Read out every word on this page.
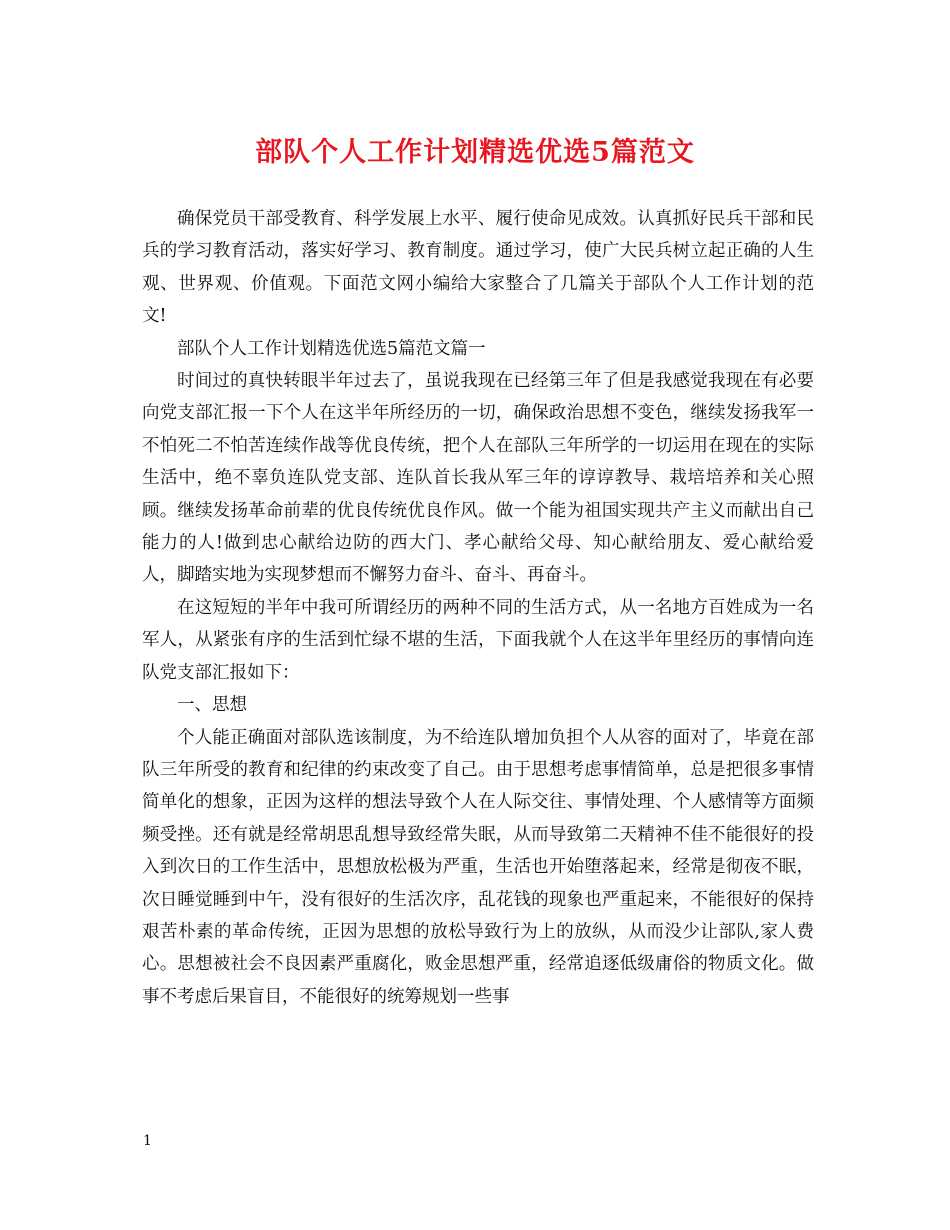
部队个人工作计划精选优选5篇范文

确保党员干部受教育、科学发展上水平、履行使命见成效。认真抓好民兵干部和民兵的学习教育活动，落实好学习、教育制度。通过学习，使广大民兵树立起正确的人生观、世界观、价值观。下面范文网小编给大家整合了几篇关于部队个人工作计划的范文!

部队个人工作计划精选优选5篇范文篇一

时间过的真快转眼半年过去了，虽说我现在已经第三年了但是我感觉我现在有必要向党支部汇报一下个人在这半年所经历的一切，确保政治思想不变色，继续发扬我军一不怕死二不怕苦连续作战等优良传统，把个人在部队三年所学的一切运用在现在的实际生活中，绝不辜负连队党支部、连队首长我从军三年的谆谆教导、栽培培养和关心照顾。继续发扬革命前辈的优良传统优良作风。做一个能为祖国实现共产主义而献出自己能力的人!做到忠心献给边防的西大门、孝心献给父母、知心献给朋友、爱心献给爱人，脚踏实地为实现梦想而不懈努力奋斗、奋斗、再奋斗。

在这短短的半年中我可所谓经历的两种不同的生活方式，从一名地方百姓成为一名军人，从紧张有序的生活到忙绿不堪的生活，下面我就个人在这半年里经历的事情向连队党支部汇报如下：

一、思想

个人能正确面对部队选该制度，为不给连队增加负担个人从容的面对了，毕竟在部队三年所受的教育和纪律的约束改变了自己。由于思想考虑事情简单，总是把很多事情简单化的想象，正因为这样的想法导致个人在人际交往、事情处理、个人感情等方面频频受挫。还有就是经常胡思乱想导致经常失眠，从而导致第二天精神不佳不能很好的投入到次日的工作生活中，思想放松极为严重，生活也开始堕落起来，经常是彻夜不眠，次日睡觉睡到中午，没有很好的生活次序，乱花钱的现象也严重起来，不能很好的保持艰苦朴素的革命传统，正因为思想的放松导致行为上的放纵，从而没少让部队,家人费心。思想被社会不良因素严重腐化，败金思想严重，经常追逐低级庸俗的物质文化。做事不考虑后果盲目，不能很好的统筹规划一些事

1
